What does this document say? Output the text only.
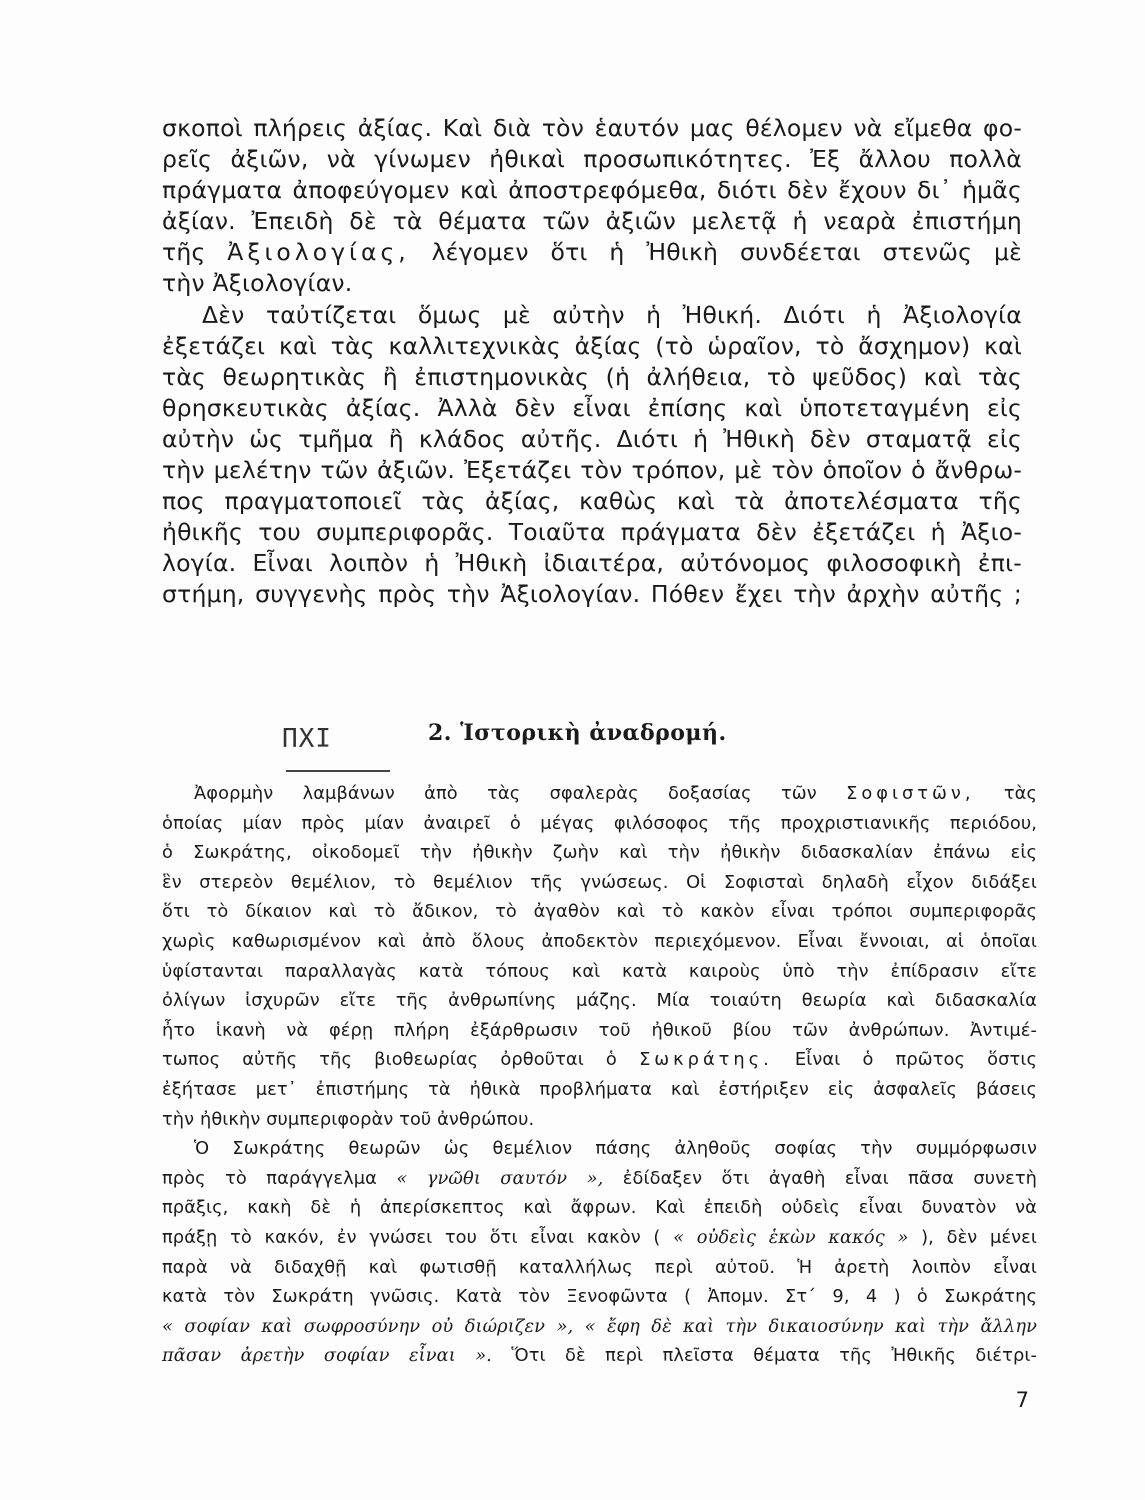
σκοποὶ πλήρεις ἀξίας. Καὶ διὰ τὸν ἑαυτόν μας θέλομεν νὰ εἴμεθα φο-
ρεῖς ἀξιῶν, νὰ γίνωμεν ἠθικαὶ προσωπικότητες. Ἐξ ἄλλου πολλὰ
πράγματα ἀποφεύγομεν καὶ ἀποστρεφόμεθα, διότι δὲν ἔχουν δι᾽ ἡμᾶς
ἀξίαν. Ἐπειδὴ δὲ τὰ θέματα τῶν ἀξιῶν μελετᾷ ἡ νεαρὰ ἐπιστήμη
τῆς Ἀξιολογίας, λέγομεν ὅτι ἡ Ἠθικὴ συνδέεται στενῶς μὲ
τὴν Ἀξιολογίαν.
Δὲν ταὐτίζεται ὅμως μὲ αὐτὴν ἡ Ἠθική. Διότι ἡ Ἀξιολογία
ἐξετάζει καὶ τὰς καλλιτεχνικὰς ἀξίας (τὸ ὡραῖον, τὸ ἄσχημον) καὶ
τὰς θεωρητικὰς ἢ ἐπιστημονικὰς (ἡ ἀλήθεια, τὸ ψεῦδος) καὶ τὰς
θρησκευτικὰς ἀξίας. Ἀλλὰ δὲν εἶναι ἐπίσης καὶ ὑποτεταγμένη εἰς
αὐτὴν ὡς τμῆμα ἢ κλάδος αὐτῆς. Διότι ἡ Ἠθικὴ δὲν σταματᾷ εἰς
τὴν μελέτην τῶν ἀξιῶν. Ἐξετάζει τὸν τρόπον, μὲ τὸν ὁποῖον ὁ ἄνθρω-
πος πραγματοποιεῖ τὰς ἀξίας, καθὼς καὶ τὰ ἀποτελέσματα τῆς
ἠθικῆς του συμπεριφορᾶς. Τοιαῦτα πράγματα δὲν ἐξετάζει ἡ Ἀξιο-
λογία. Εἶναι λοιπὸν ἡ Ἠθικὴ ἰδιαιτέρα, αὐτόνομος φιλοσοφικὴ ἐπι-
στήμη, συγγενὴς πρὸς τὴν Ἀξιολογίαν. Πόθεν ἔχει τὴν ἀρχὴν αὐτῆς ;
ΠΧΙ	2. Ἱστορικὴ ἀναδρομή.
Ἀφορμὴν λαμβάνων ἀπὸ τὰς σφαλερὰς δοξασίας τῶν Σοφιστῶν, τὰς
ὁποίας μίαν πρὸς μίαν ἀναιρεῖ ὁ μέγας φιλόσοφος τῆς προχριστιανικῆς περιόδου,
ὁ Σωκράτης, οἰκοδομεῖ τὴν ἠθικὴν ζωὴν καὶ τὴν ἠθικὴν διδασκαλίαν ἐπάνω εἰς
ἓν στερεὸν θεμέλιον, τὸ θεμέλιον τῆς γνώσεως. Οἱ Σοφισταὶ δηλαδὴ εἶχον διδάξει
ὅτι τὸ δίκαιον καὶ τὸ ἄδικον, τὸ ἀγαθὸν καὶ τὸ κακὸν εἶναι τρόποι συμπεριφορᾶς
χωρὶς καθωρισμένον καὶ ἀπὸ ὅλους ἀποδεκτὸν περιεχόμενον. Εἶναι ἔννοιαι, αἱ ὁποῖαι
ὑφίστανται παραλλαγὰς κατὰ τόπους καὶ κατὰ καιροὺς ὑπὸ τὴν ἐπίδρασιν εἴτε
ὀλίγων ἰσχυρῶν εἴτε τῆς ἀνθρωπίνης μάζης. Μία τοιαύτη θεωρία καὶ διδασκαλία
ἦτο ἱκανὴ νὰ φέρῃ πλήρη ἐξάρθρωσιν τοῦ ἠθικοῦ βίου τῶν ἀνθρώπων. Ἀντιμέ-
τωπος αὐτῆς τῆς βιοθεωρίας ὀρθοῦται ὁ Σωκράτης. Εἶναι ὁ πρῶτος ὅστις
ἐξήτασε μετ᾽ ἐπιστήμης τὰ ἠθικὰ προβλήματα καὶ ἐστήριξεν εἰς ἀσφαλεῖς βάσεις
τὴν ἠθικὴν συμπεριφορὰν τοῦ ἀνθρώπου.
Ὁ Σωκράτης θεωρῶν ὡς θεμέλιον πάσης ἀληθοῦς σοφίας τὴν συμμόρφωσιν
πρὸς τὸ παράγγελμα « γνῶθι σαυτόν », ἐδίδαξεν ὅτι ἀγαθὴ εἶναι πᾶσα συνετὴ
πρᾶξις, κακὴ δὲ ἡ ἀπερίσκεπτος καὶ ἄφρων. Καὶ ἐπειδὴ οὐδεὶς εἶναι δυνατὸν νὰ
πράξῃ τὸ κακόν, ἐν γνώσει του ὅτι εἶναι κακὸν ( « οὐδεὶς ἑκὼν κακός » ), δὲν μένει
παρὰ νὰ διδαχθῇ καὶ φωτισθῇ καταλλήλως περὶ αὐτοῦ. Ἡ ἀρετὴ λοιπὸν εἶναι
κατὰ τὸν Σωκράτη γνῶσις. Κατὰ τὸν Ξενοφῶντα ( Ἀπομν. Στ΄ 9, 4 ) ὁ Σωκράτης
« σοφίαν καὶ σωφροσύνην οὐ διώριζεν », « ἔφη δὲ καὶ τὴν δικαιοσύνην καὶ τὴν ἄλλην
πᾶσαν ἀρετὴν σοφίαν εἶναι ». Ὅτι δὲ περὶ πλεῖστα θέματα τῆς Ἠθικῆς διέτρι-
7
